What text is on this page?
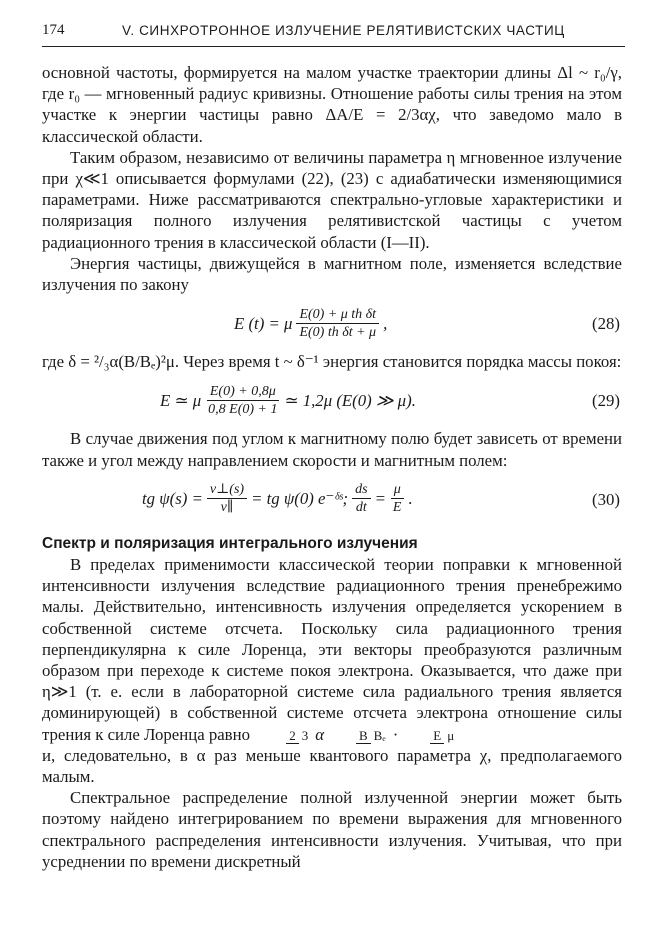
174	V. СИНХРОТРОННОЕ ИЗЛУЧЕНИЕ РЕЛЯТИВИСТСКИХ ЧАСТИЦ

основной частоты, формируется на малом участке траектории длины Δl ~ r₀/γ, где r₀ — мгновенный радиус кривизны. Отношение работы силы трения на этом участке к энергии частицы равно ΔA/E = 2/3αχ, что заведомо мало в классической области.

Таким образом, независимо от величины параметра η мгновенное излучение при χ≪1 описывается формулами (22), (23) с адиабатически изменяющимися параметрами. Ниже рассматриваются спектрально-угловые характеристики и поляризация полного излучения релятивистской частицы с учетом радиационного трения в классической области (I—II).

Энергия частицы, движущейся в магнитном поле, изменяется вследствие излучения по закону

E (t) = μ $\frac{\text{E(0) + μ th δt}}{\text{E(0) th δt + μ}}$ ,	(28)

где δ = ²/₃α(B/Bₑ)²μ. Через время t ~ δ⁻¹ энергия становится порядка массы покоя:

E ≃ μ $\frac{E(0) + 0,8\mu}{0,8 E(0) + 1}$ ≃ 1,2μ (E(0) ≫ μ).	(29)

В случае движения под углом к магнитному полю будет зависеть от времени также и угол между направлением скорости и магнитным полем:

tg $\psi(s) = \frac{v\perp(s)}{v\parallel}$ = tg ψ(0) e⁻ᵟˢ; $\frac{ds}{dt} = \frac{\mu}{E}$ .	(30)

Спектр и поляризация интегрального излучения

В пределах применимости классической теории поправки к мгновенной интенсивности излучения вследствие радиационного трения пренебрежимо малы. Действительно, интенсивность излучения определяется ускорением в собственной системе отсчета. Поскольку сила радиационного трения перпендикулярна к силе Лоренца, эти векторы преобразуются различным образом при переходе к системе покоя электрона. Оказывается, что даже при η≫1 (т. е. если в лабораторной системе сила радиального трения является доминирующей) в собственной системе отсчета электрона отношение силы трения к силе Лоренца равно	2 3 α	B Bₑ ·	E μ

и, следовательно, в α раз меньше квантового параметра χ, предполагаемого малым.

Спектральное распределение полной излученной энергии может быть поэтому найдено интегрированием по времени выражения для мгновенного спектрального распределения интенсивности излучения. Учитывая, что при усреднении по времени дискретный
